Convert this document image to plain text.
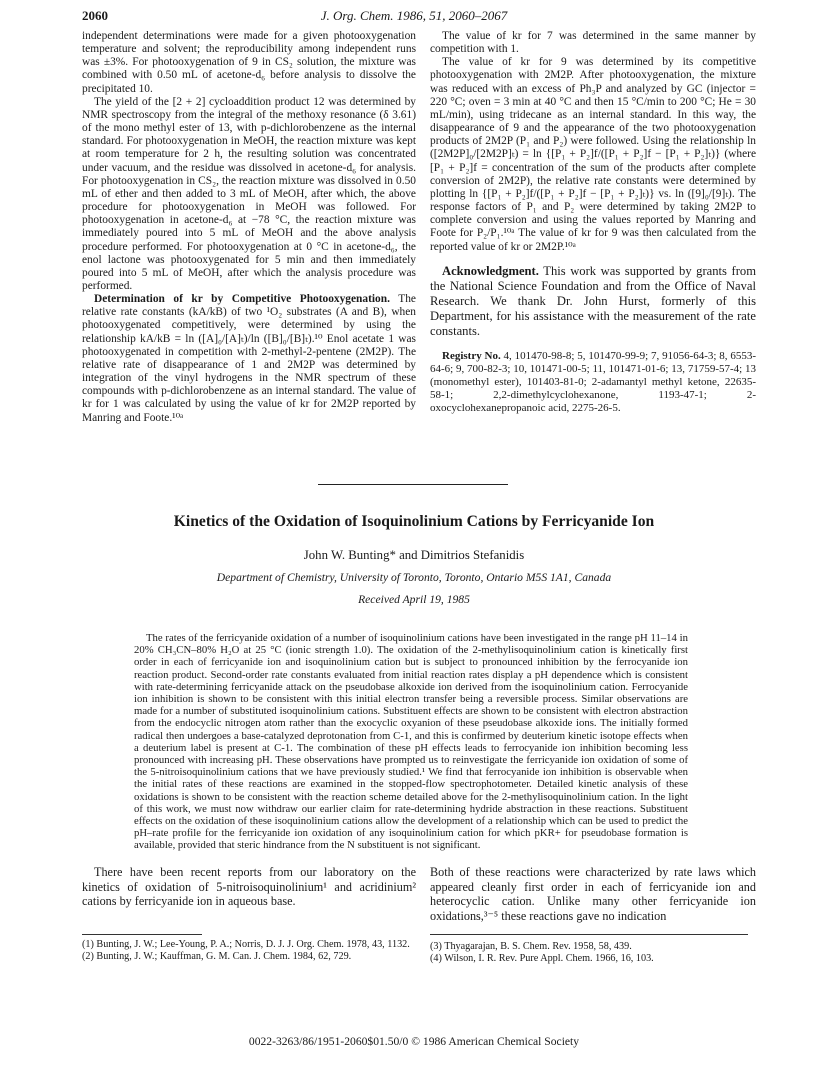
2060	J. Org. Chem. 1986, 51, 2060–2067

independent determinations were made for a given photooxygenation temperature and solvent; the reproducibility among independent runs was ±3%. For photooxygenation of 9 in CS₂ solution, the mixture was combined with 0.50 mL of acetone-d₆ before analysis to dissolve the precipitated 10.

The yield of the [2 + 2] cycloaddition product 12 was determined by NMR spectroscopy from the integral of the methoxy resonance (δ 3.61) of the mono methyl ester of 13, with p-dichlorobenzene as the internal standard. For photooxygenation in MeOH, the reaction mixture was kept at room temperature for 2 h, the resulting solution was concentrated under vacuum, and the residue was dissolved in acetone-d₆ for analysis. For photooxygenation in CS₂, the reaction mixture was dissolved in 0.50 mL of ether and then added to 3 mL of MeOH, after which, the above procedure for photooxygenation in MeOH was followed. For photooxygenation in acetone-d₆ at −78 °C, the reaction mixture was immediately poured into 5 mL of MeOH and the above analysis procedure performed. For photooxygenation at 0 °C in acetone-d₆, the enol lactone was photooxygenated for 5 min and then immediately poured into 5 mL of MeOH, after which the analysis procedure was performed.

Determination of kr by Competitive Photooxygenation. The relative rate constants (kA/kB) of two ¹O₂ substrates (A and B), when photooxygenated competitively, were determined by using the relationship kA/kB = ln ([A]₀/[A]ₜ)/ln ([B]₀/[B]ₜ).¹⁰ Enol acetate 1 was photooxygenated in competition with 2-methyl-2-pentene (2M2P). The relative rate of disappearance of 1 and 2M2P was determined by integration of the vinyl hydrogens in the NMR spectrum of these compounds with p-dichlorobenzene as an internal standard. The value of kr for 1 was calculated by using the value of kr for 2M2P reported by Manring and Foote.¹⁰ᵃ

The value of kr for 7 was determined in the same manner by competition with 1.

The value of kr for 9 was determined by its competitive photooxygenation with 2M2P. After photooxygenation, the mixture was reduced with an excess of Ph₃P and analyzed by GC (injector = 220 °C; oven = 3 min at 40 °C and then 15 °C/min to 200 °C; He = 30 mL/min), using tridecane as an internal standard. In this way, the disappearance of 9 and the appearance of the two photooxygenation products of 2M2P (P₁ and P₂) were followed. Using the relationship ln ([2M2P]₀/[2M2P]ₜ) = ln {[P₁ + P₂]f/([P₁ + P₂]f − [P₁ + P₂]ₜ)} (where [P₁ + P₂]f = concentration of the sum of the products after complete conversion of 2M2P), the relative rate constants were determined by plotting ln {[P₁ + P₂]f/([P₁ + P₂]f − [P₁ + P₂]ₜ)} vs. ln ([9]₀/[9]ₜ). The response factors of P₁ and P₂ were determined by taking 2M2P to complete conversion and using the values reported by Manring and Foote for P₂/P₁.¹⁰ᵃ The value of kr for 9 was then calculated from the reported value of kr or 2M2P.¹⁰ᵃ

Acknowledgment. This work was supported by grants from the National Science Foundation and from the Office of Naval Research. We thank Dr. John Hurst, formerly of this Department, for his assistance with the measurement of the rate constants.

Registry No. 4, 101470-98-8; 5, 101470-99-9; 7, 91056-64-3; 8, 6553-64-6; 9, 700-82-3; 10, 101471-00-5; 11, 101471-01-6; 13, 71759-57-4; 13 (monomethyl ester), 101403-81-0; 2-adamantyl methyl ketone, 22635-58-1; 2,2-dimethylcyclohexanone, 1193-47-1; 2-oxocyclohexanepropanoic acid, 2275-26-5.

Kinetics of the Oxidation of Isoquinolinium Cations by Ferricyanide Ion
John W. Bunting* and Dimitrios Stefanidis
Department of Chemistry, University of Toronto, Toronto, Ontario M5S 1A1, Canada
Received April 19, 1985

The rates of the ferricyanide oxidation of a number of isoquinolinium cations have been investigated in the range pH 11–14 in 20% CH₃CN–80% H₂O at 25 °C (ionic strength 1.0). The oxidation of the 2-methylisoquinolinium cation is kinetically first order in each of ferricyanide ion and isoquinolinium cation but is subject to pronounced inhibition by the ferrocyanide ion reaction product. Second-order rate constants evaluated from initial reaction rates display a pH dependence which is consistent with rate-determining ferricyanide attack on the pseudobase alkoxide ion derived from the isoquinolinium cation. Ferrocyanide ion inhibition is shown to be consistent with this initial electron transfer being a reversible process. Similar observations are made for a number of substituted isoquinolinium cations. Substituent effects are shown to be consistent with electron abstraction from the endocyclic nitrogen atom rather than the exocyclic oxyanion of these pseudobase alkoxide ions. The initially formed radical then undergoes a base-catalyzed deprotonation from C-1, and this is confirmed by deuterium kinetic isotope effects when a deuterium label is present at C-1. The combination of these pH effects leads to ferrocyanide ion inhibition becoming less pronounced with increasing pH. These observations have prompted us to reinvestigate the ferricyanide ion oxidation of some of the 5-nitroisoquinolinium cations that we have previously studied.¹ We find that ferrocyanide ion inhibition is observable when the initial rates of these reactions are examined in the stopped-flow spectrophotometer. Detailed kinetic analysis of these oxidations is shown to be consistent with the reaction scheme detailed above for the 2-methylisoquinolinium cation. In the light of this work, we must now withdraw our earlier claim for rate-determining hydride abstraction in these reactions. Substituent effects on the oxidation of these isoquinolinium cations allow the development of a relationship which can be used to predict the pH–rate profile for the ferricyanide ion oxidation of any isoquinolinium cation for which pKR+ for pseudobase formation is available, provided that steric hindrance from the N substituent is not significant.

There have been recent reports from our laboratory on the kinetics of oxidation of 5-nitroisoquinolinium¹ and acridinium² cations by ferricyanide ion in aqueous base.

Both of these reactions were characterized by rate laws which appeared cleanly first order in each of ferricyanide ion and heterocyclic cation. Unlike many other ferricyanide ion oxidations,³⁻⁵ these reactions gave no indication

(1) Bunting, J. W.; Lee-Young, P. A.; Norris, D. J. J. Org. Chem. 1978, 43, 1132.
(2) Bunting, J. W.; Kauffman, G. M. Can. J. Chem. 1984, 62, 729.
(3) Thyagarajan, B. S. Chem. Rev. 1958, 58, 439.
(4) Wilson, I. R. Rev. Pure Appl. Chem. 1966, 16, 103.
0022-3263/86/1951-2060$01.50/0 © 1986 American Chemical Society
